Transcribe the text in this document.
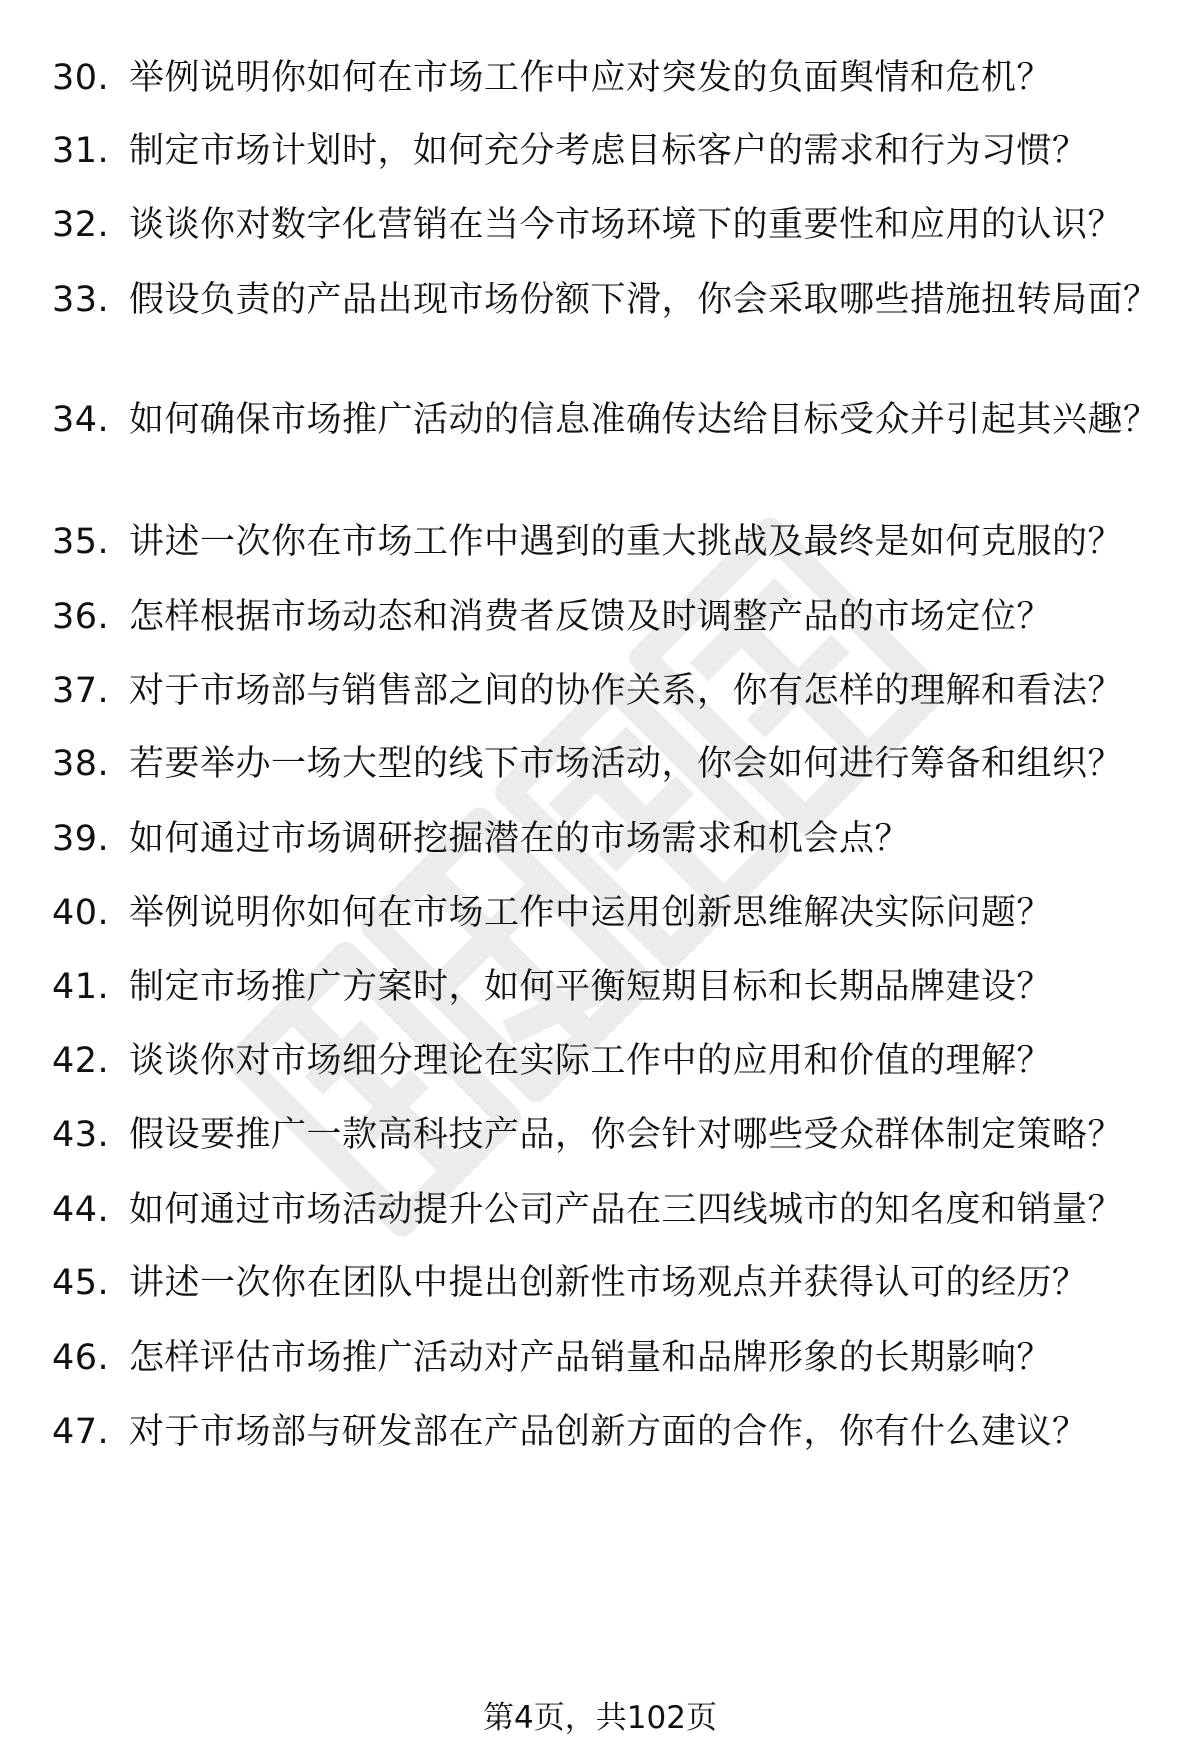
30. 举例说明你如何在市场工作中应对突发的负面舆情和危机？
31. 制定市场计划时，如何充分考虑目标客户的需求和行为习惯？
32. 谈谈你对数字化营销在当今市场环境下的重要性和应用的认识？
33. 假设负责的产品出现市场份额下滑，你会采取哪些措施扭转局面？
34. 如何确保市场推广活动的信息准确传达给目标受众并引起其兴趣？
35. 讲述一次你在市场工作中遇到的重大挑战及最终是如何克服的？
36. 怎样根据市场动态和消费者反馈及时调整产品的市场定位？
37. 对于市场部与销售部之间的协作关系，你有怎样的理解和看法？
38. 若要举办一场大型的线下市场活动，你会如何进行筹备和组织？
39. 如何通过市场调研挖掘潜在的市场需求和机会点？
40. 举例说明你如何在市场工作中运用创新思维解决实际问题？
41. 制定市场推广方案时，如何平衡短期目标和长期品牌建设？
42. 谈谈你对市场细分理论在实际工作中的应用和价值的理解？
43. 假设要推广一款高科技产品，你会针对哪些受众群体制定策略？
44. 如何通过市场活动提升公司产品在三四线城市的知名度和销量？
45. 讲述一次你在团队中提出创新性市场观点并获得认可的经历？
46. 怎样评估市场推广活动对产品销量和品牌形象的长期影响？
47. 对于市场部与研发部在产品创新方面的合作，你有什么建议？
第4页，共102页
